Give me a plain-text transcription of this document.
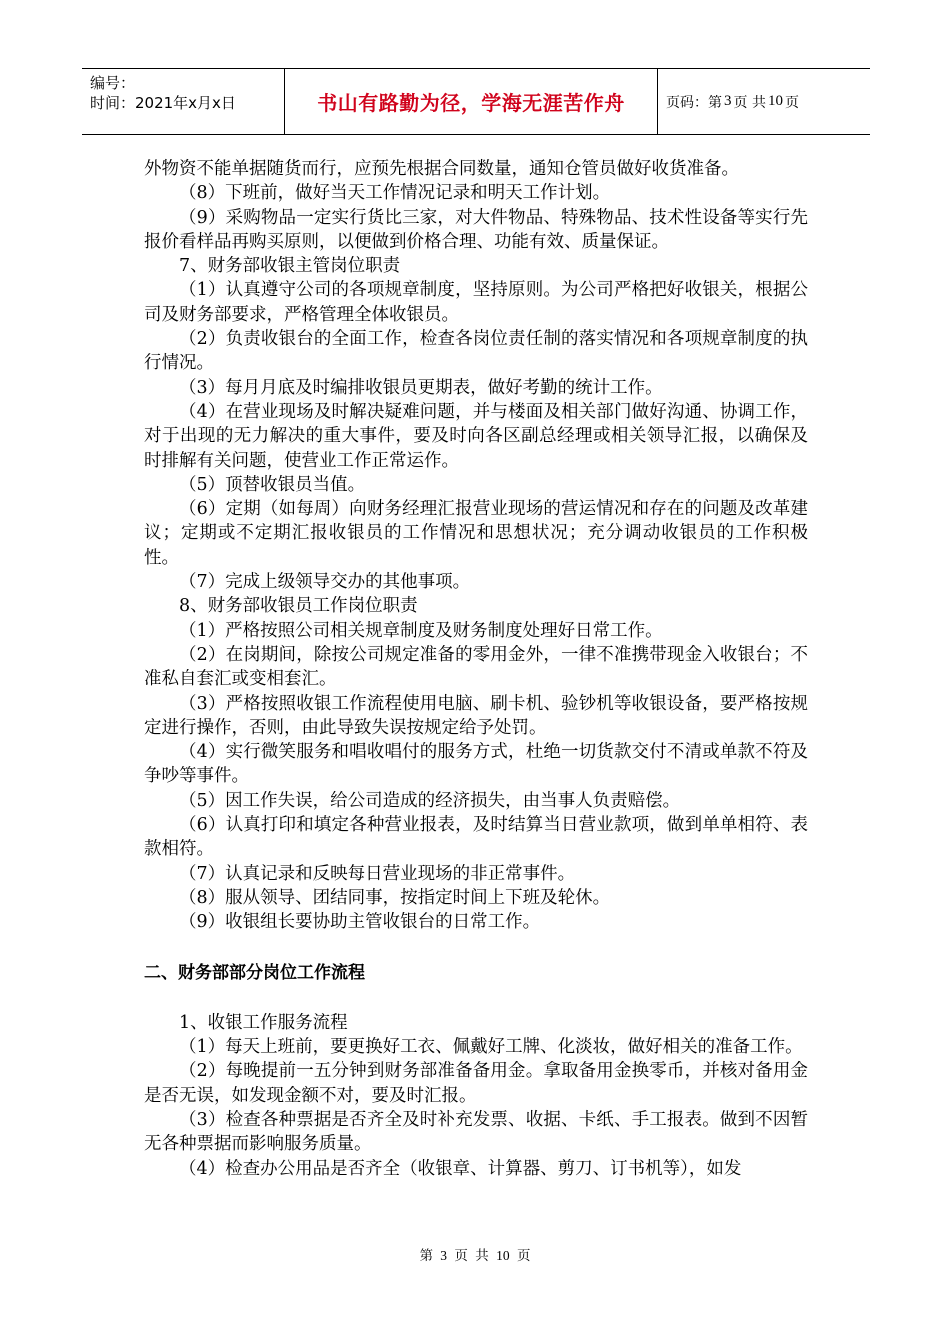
编号：
时间：2021年x月x日	书山有路勤为径，学海无涯苦作舟	页码：第 3 页 共 10 页

外物资不能单据随货而行，应预先根据合同数量，通知仓管员做好收货准备。

（8）下班前，做好当天工作情况记录和明天工作计划。

（9）采购物品一定实行货比三家，对大件物品、特殊物品、技术性设备等实行先报价看样品再购买原则，以便做到价格合理、功能有效、质量保证。

7、财务部收银主管岗位职责

（1）认真遵守公司的各项规章制度，坚持原则。为公司严格把好收银关，根据公司及财务部要求，严格管理全体收银员。

（2）负责收银台的全面工作，检查各岗位责任制的落实情况和各项规章制度的执行情况。

（3）每月月底及时编排收银员更期表，做好考勤的统计工作。

（4）在营业现场及时解决疑难问题，并与楼面及相关部门做好沟通、协调工作，对于出现的无力解决的重大事件，要及时向各区副总经理或相关领导汇报，以确保及时排解有关问题，使营业工作正常运作。

（5）顶替收银员当值。

（6）定期（如每周）向财务经理汇报营业现场的营运情况和存在的问题及改革建议；定期或不定期汇报收银员的工作情况和思想状况；充分调动收银员的工作积极性。

（7）完成上级领导交办的其他事项。

8、财务部收银员工作岗位职责

（1）严格按照公司相关规章制度及财务制度处理好日常工作。

（2）在岗期间，除按公司规定准备的零用金外，一律不准携带现金入收银台；不准私自套汇或变相套汇。

（3）严格按照收银工作流程使用电脑、刷卡机、验钞机等收银设备，要严格按规定进行操作，否则，由此导致失误按规定给予处罚。

（4）实行微笑服务和唱收唱付的服务方式，杜绝一切货款交付不清或单款不符及争吵等事件。

（5）因工作失误，给公司造成的经济损失，由当事人负责赔偿。

（6）认真打印和填定各种营业报表，及时结算当日营业款项，做到单单相符、表款相符。

（7）认真记录和反映每日营业现场的非正常事件。

（8）服从领导、团结同事，按指定时间上下班及轮休。

（9）收银组长要协助主管收银台的日常工作。

二、财务部部分岗位工作流程

1、收银工作服务流程

（1）每天上班前，要更换好工衣、佩戴好工牌、化淡妆，做好相关的准备工作。

（2）每晚提前一五分钟到财务部准备备用金。拿取备用金换零币，并核对备用金是否无误，如发现金额不对，要及时汇报。

（3）检查各种票据是否齐全及时补充发票、收据、卡纸、手工报表。做到不因暂无各种票据而影响服务质量。

（4）检查办公用品是否齐全（收银章、计算器、剪刀、订书机等），如发

第 3 页 共 10 页
